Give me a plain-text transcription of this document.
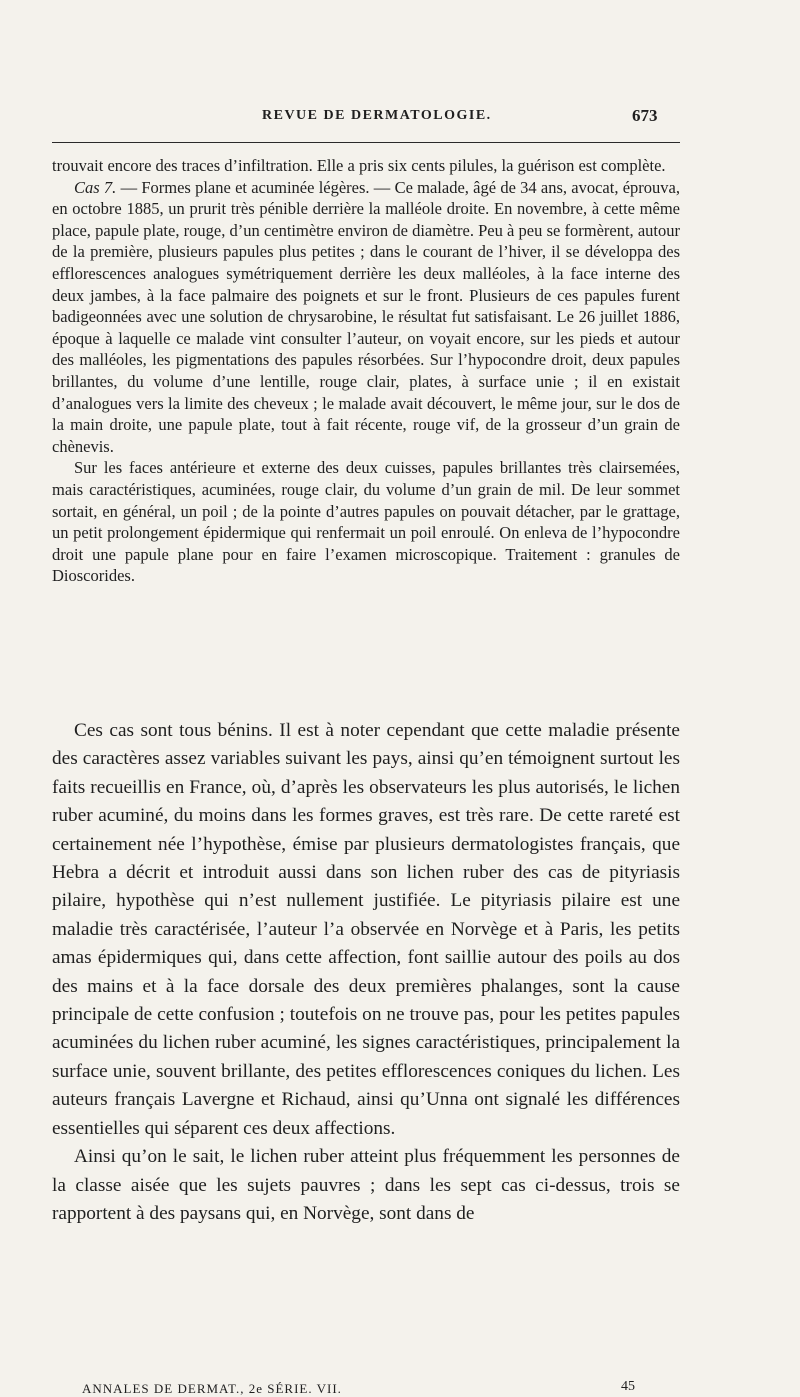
REVUE DE DERMATOLOGIE.	673

trouvait encore des traces d’infiltration. Elle a pris six cents pilules, la guérison est complète.

Cas 7. — Formes plane et acuminée légères. — Ce malade, âgé de 34 ans, avocat, éprouva, en octobre 1885, un prurit très pénible derrière la malléole droite. En novembre, à cette même place, papule plate, rouge, d’un centimètre environ de diamètre. Peu à peu se formèrent, autour de la première, plusieurs papules plus petites ; dans le courant de l’hiver, il se développa des efflorescences analogues symétriquement derrière les deux malléoles, à la face interne des deux jambes, à la face palmaire des poignets et sur le front. Plusieurs de ces papules furent badigeonnées avec une solution de chrysarobine, le résultat fut satisfaisant. Le 26 juillet 1886, époque à laquelle ce malade vint consulter l’auteur, on voyait encore, sur les pieds et autour des malléoles, les pigmentations des papules résorbées. Sur l’hypocondre droit, deux papules brillantes, du volume d’une lentille, rouge clair, plates, à surface unie ; il en existait d’analogues vers la limite des cheveux ; le malade avait découvert, le même jour, sur le dos de la main droite, une papule plate, tout à fait récente, rouge vif, de la grosseur d’un grain de chènevis.

Sur les faces antérieure et externe des deux cuisses, papules brillantes très clairsemées, mais caractéristiques, acuminées, rouge clair, du volume d’un grain de mil. De leur sommet sortait, en général, un poil ; de la pointe d’autres papules on pouvait détacher, par le grattage, un petit prolongement épidermique qui renfermait un poil enroulé. On enleva de l’hypocondre droit une papule plane pour en faire l’examen microscopique. Traitement : granules de Dioscorides.

Ces cas sont tous bénins. Il est à noter cependant que cette maladie présente des caractères assez variables suivant les pays, ainsi qu’en témoignent surtout les faits recueillis en France, où, d’après les observateurs les plus autorisés, le lichen ruber acuminé, du moins dans les formes graves, est très rare. De cette rareté est certainement née l’hypothèse, émise par plusieurs dermatologistes français, que Hebra a décrit et introduit aussi dans son lichen ruber des cas de pityriasis pilaire, hypothèse qui n’est nullement justifiée. Le pityriasis pilaire est une maladie très caractérisée, l’auteur l’a observée en Norvège et à Paris, les petits amas épidermiques qui, dans cette affection, font saillie autour des poils au dos des mains et à la face dorsale des deux premières phalanges, sont la cause principale de cette confusion ; toutefois on ne trouve pas, pour les petites papules acuminées du lichen ruber acuminé, les signes caractéristiques, principalement la surface unie, souvent brillante, des petites efflorescences coniques du lichen. Les auteurs français Lavergne et Richaud, ainsi qu’Unna ont signalé les différences essentielles qui séparent ces deux affections.

Ainsi qu’on le sait, le lichen ruber atteint plus fréquemment les personnes de la classe aisée que les sujets pauvres ; dans les sept cas ci-dessus, trois se rapportent à des paysans qui, en Norvège, sont dans de

ANNALES DE DERMAT., 2e SÉRIE. VII.	45
